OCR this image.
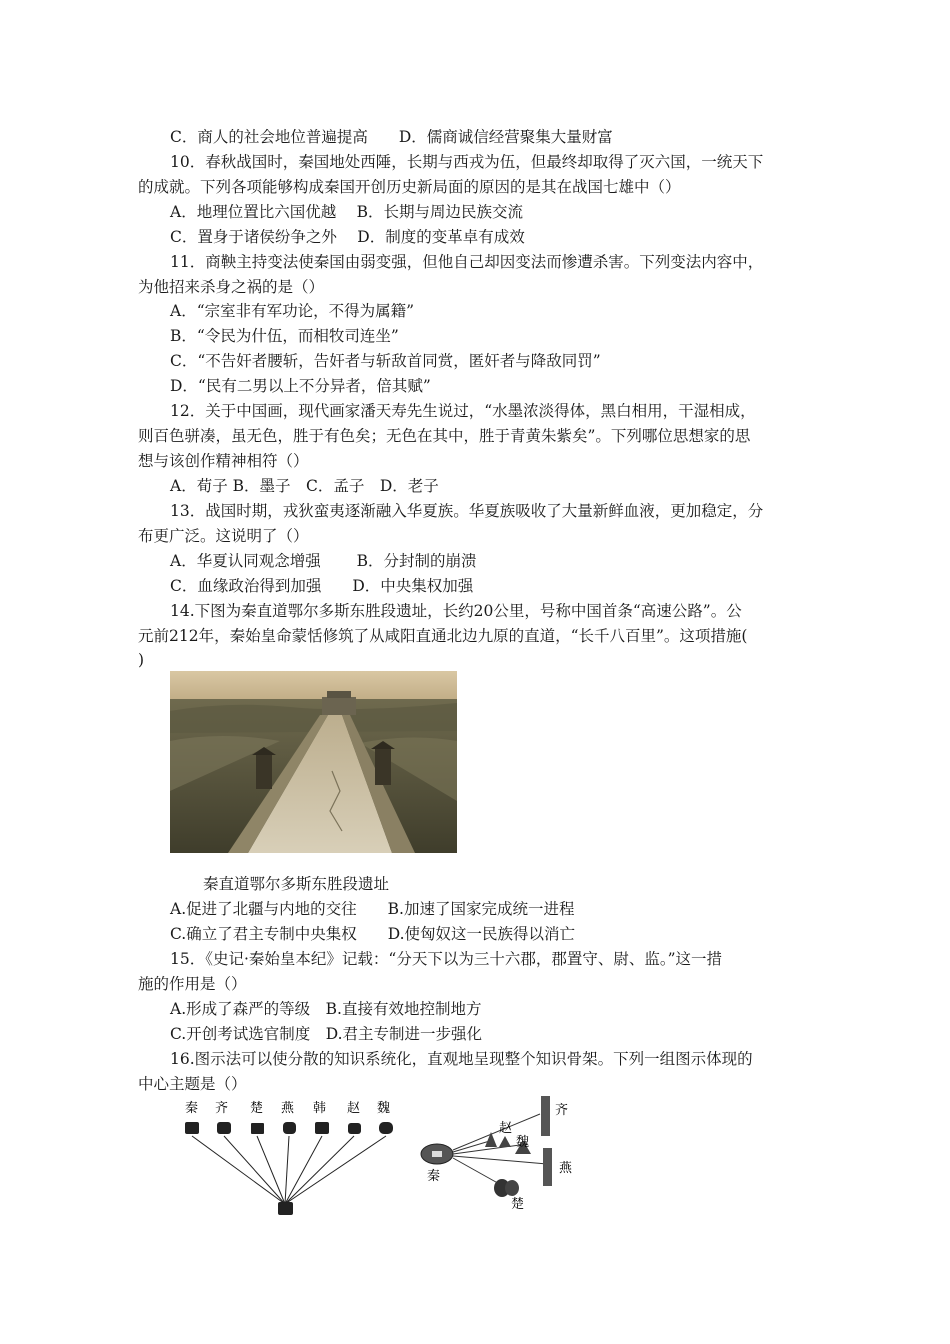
C．商人的社会地位普遍提高　　D．儒商诚信经营聚集大量财富
10．春秋战国时，秦国地处西陲，长期与西戎为伍，但最终却取得了灭六国，一统天下
的成就。下列各项能够构成秦国开创历史新局面的原因的是其在战国七雄中（）
A．地理位置比六国优越　 B．长期与周边民族交流
C．置身于诸侯纷争之外　 D．制度的变革卓有成效
11．商鞅主持变法使秦国由弱变强，但他自己却因变法而惨遭杀害。下列变法内容中，
为他招来杀身之祸的是（）
A．“宗室非有军功论，不得为属籍”
B．“令民为什伍，而相牧司连坐”
C．“不告奸者腰斩，告奸者与斩敌首同赏，匿奸者与降敌同罚”
D．“民有二男以上不分异者，倍其赋”
12．关于中国画，现代画家潘天寿先生说过，“水墨浓淡得体，黑白相用，干湿相成，
则百色骈凑，虽无色，胜于有色矣；无色在其中，胜于青黄朱紫矣”。下列哪位思想家的思
想与该创作精神相符（）
A．荀子 B．墨子　C．孟子　D．老子
13．战国时期，戎狄蛮夷逐渐融入华夏族。华夏族吸收了大量新鲜血液，更加稳定，分
布更广泛。这说明了（）
A．华夏认同观念增强　　 B．分封制的崩溃
C．血缘政治得到加强　　D．中央集权加强
14.下图为秦直道鄂尔多斯东胜段遗址，长约20公里，号称中国首条“高速公路”。公
元前212年，秦始皇命蒙恬修筑了从咸阳直通北边九原的直道，“长千八百里”。这项措施(
)
秦直道鄂尔多斯东胜段遗址
A.促进了北疆与内地的交往　　B.加速了国家完成统一进程
C.确立了君主专制中央集权　　D.使匈奴这一民族得以消亡
15．《史记·秦始皇本纪》记载：“分天下以为三十六郡，郡置守、尉、监。”这一措
施的作用是（）
A.形成了森严的等级　B.直接有效地控制地方
C.开创考试选官制度　D.君主专制进一步强化
16.图示法可以使分散的知识系统化，直观地呈现整个知识骨架。下列一组图示体现的
中心主题是（）
秦 齐 楚 燕 韩 赵 魏	齐
赵
魏
燕
秦
楚
